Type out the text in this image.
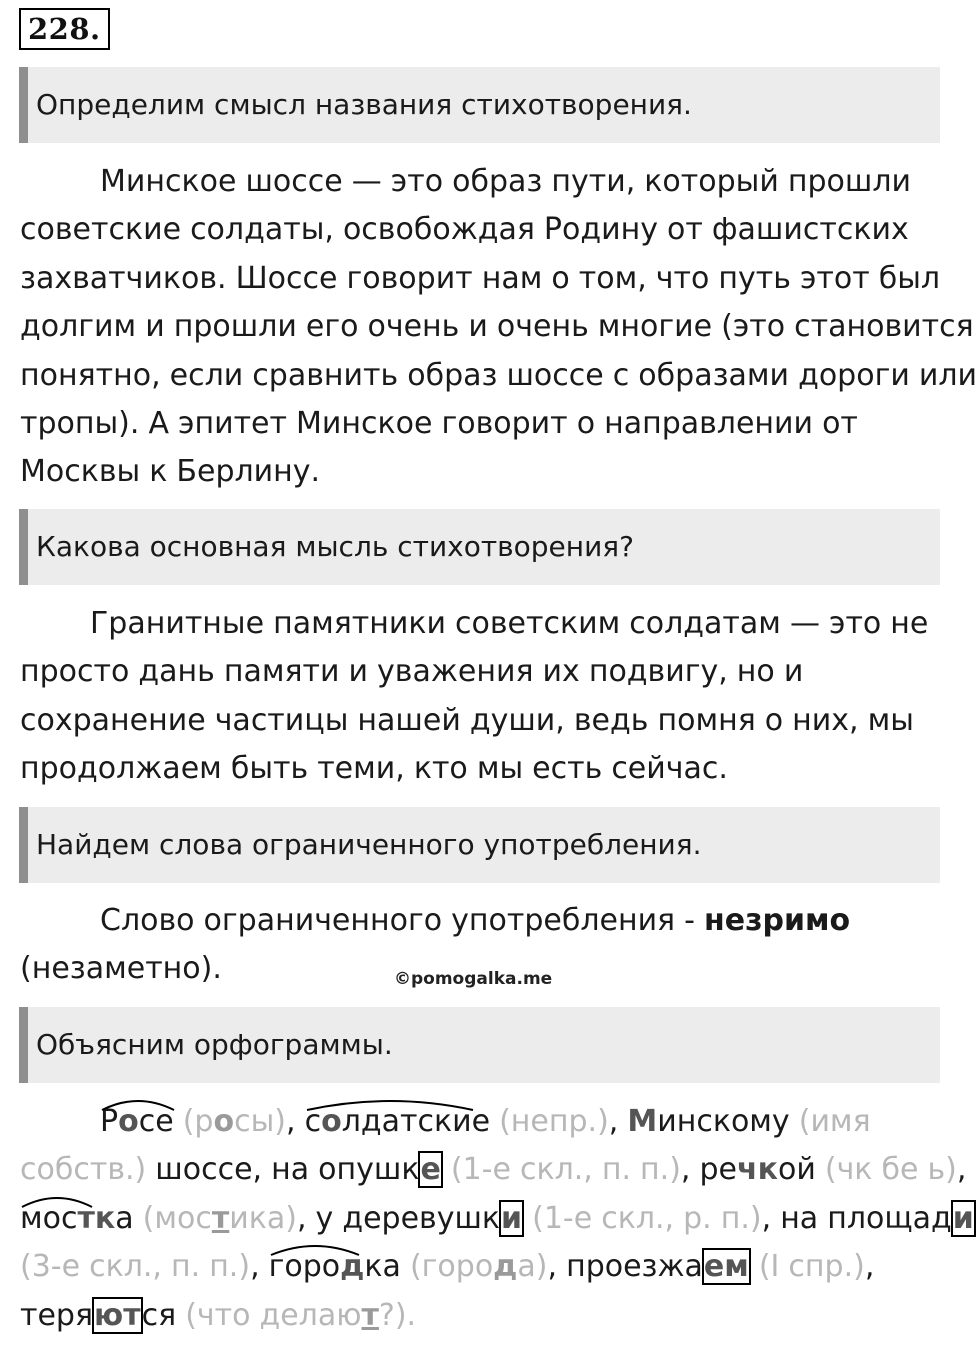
228.
Определим смысл названия стихотворения.
Минское шоссе — это образ пути, который прошли
советские солдаты, освобождая Родину от фашистских
захватчиков. Шоссе говорит нам о том, что путь этот был
долгим и прошли его очень и очень многие (это становится
понятно, если сравнить образ шоссе с образами дороги или
тропы). А эпитет Минское говорит о направлении от
Москвы к Берлину.
Какова основная мысль стихотворения?
Гранитные памятники советским солдатам — это не
просто дань памяти и уважения их подвигу, но и
сохранение частицы нашей души, ведь помня о них, мы
продолжаем быть теми, кто мы есть сейчас.
Найдем слова ограниченного употребления.
Слово ограниченного употребления - незримо
(незаметно).	©pomogalka.me
Объясним орфограммы.
Росе (росы),
солдатские (непр.), Минскому (имя
собств.) шоссе, на опушке (1-е скл., п. п.), речкой (чк бе ь),
мостка (мостика), у деревушки (1-е скл., р. п.), на площади
(3-е скл., п. п.),
городка (города), проезжаем (I спр.),
теряются (что делают?).
